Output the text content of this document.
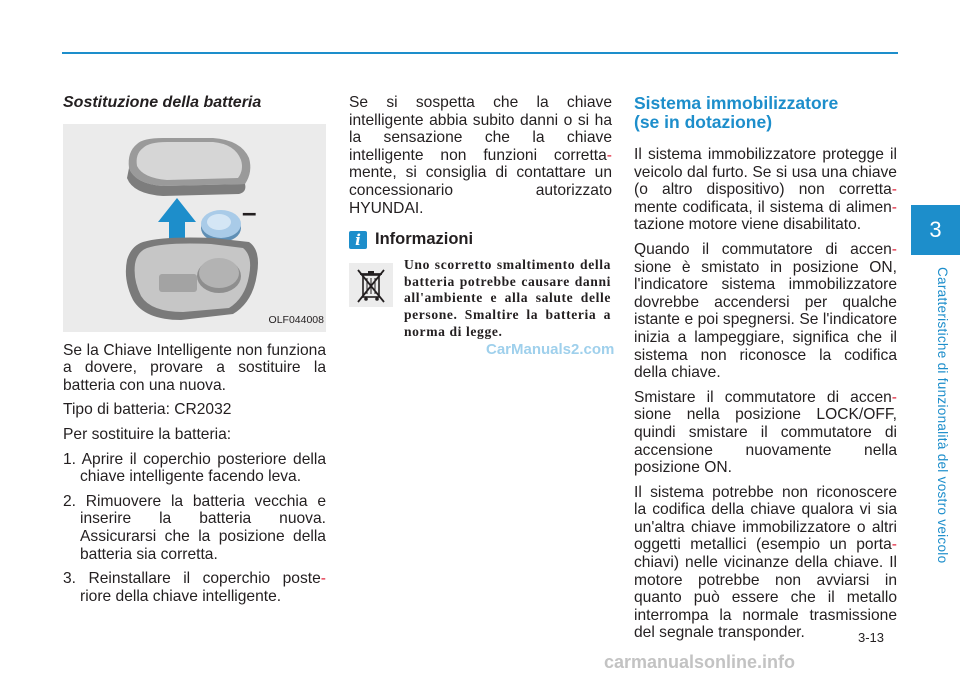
Sostituzione della batteria
–
OLF044008

Se la Chiave Intelligente non funziona a dovere, provare a sostituire la batteria con una nuova.

Tipo di batteria: CR2032

Per sostituire la batteria:

1. Aprire il coperchio posteriore della chiave intelligente facendo leva.
2. Rimuovere la batteria vecchia e inserire la batteria nuova. Assicurarsi che la posizione della batteria sia corretta.
3. Reinstallare il coperchio poste- riore della chiave intelligente.

Se si sospetta che la chiave intelligente abbia subito danni o si ha la sensazione che la chiave intelligente non funzioni corretta- mente, si consiglia di contattare un concessionario autorizzato HYUNDAI.

i Informazioni
Uno scorretto smaltimento della batteria potrebbe causare danni all'ambiente e alla salute delle persone. Smaltire la batteria a norma di legge.
CarManuals2.com
Sistema immobilizzatore
(se in dotazione)

Il sistema immobilizzatore protegge il veicolo dal furto. Se si usa una chiave (o altro dispositivo) non corretta- mente codificata, il sistema di alimen- tazione motore viene disabilitato.

Quando il commutatore di accen- sione è smistato in posizione ON, l'indicatore sistema immobilizzatore dovrebbe accendersi per qualche istante e poi spegnersi. Se l'indicatore inizia a lampeggiare, significa che il sistema non riconosce la codifica della chiave.

Smistare il commutatore di accen- sione nella posizione LOCK/OFF, quindi smistare il commutatore di accensione nuovamente nella posizione ON.

Il sistema potrebbe non riconoscere la codifica della chiave qualora vi sia un'altra chiave immobilizzatore o altri oggetti metallici (esempio un porta- chiavi) nelle vicinanze della chiave. Il motore potrebbe non avviarsi in quanto può essere che il metallo interrompa la normale trasmissione del segnale transponder.

3
Caratteristiche di funzionalità del vostro veicolo
3-13
carmanualsonline.info
